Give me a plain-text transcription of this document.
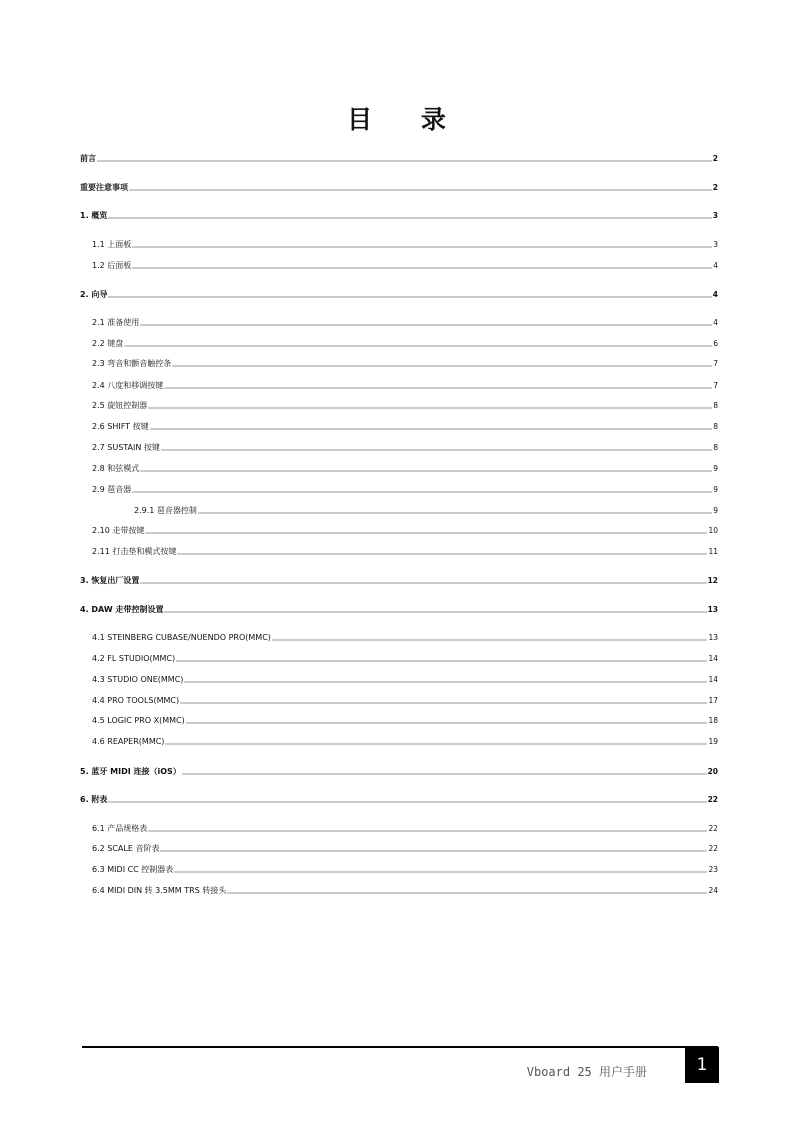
目 录
前言	2
重要注意事项	2
1. 概览	3
1.1 上面板	3
1.2 后面板	4
2. 向导	4
2.1 准备使用	4
2.2 键盘	6
2.3 弯音和颤音触控条	7
2.4 八度和移调按键	7
2.5 旋钮控制器	8
2.6 SHIFT 按键	8
2.7 SUSTAIN 按键	8
2.8 和弦模式	9
2.9 琶音器	9
2.9.1 琶音器控制	9
2.10 走带按键	10
2.11 打击垫和模式按键	11
3. 恢复出厂设置	12
4. DAW 走带控制设置	13
4.1 STEINBERG CUBASE/NUENDO PRO(MMC)	13
4.2 FL STUDIO(MMC)	14
4.3 STUDIO ONE(MMC)	14
4.4 PRO TOOLS(MMC)	17
4.5 LOGIC PRO X(MMC)	18
4.6 REAPER(MMC)	19
5. 蓝牙 MIDI 连接（iOS）	20
6. 附表	22
6.1 产品规格表	22
6.2 SCALE 音阶表	22
6.3 MIDI CC 控制器表	23
6.4 MIDI DIN 转 3.5MM TRS 转接头	24
Vboard 25 用户手册	1
